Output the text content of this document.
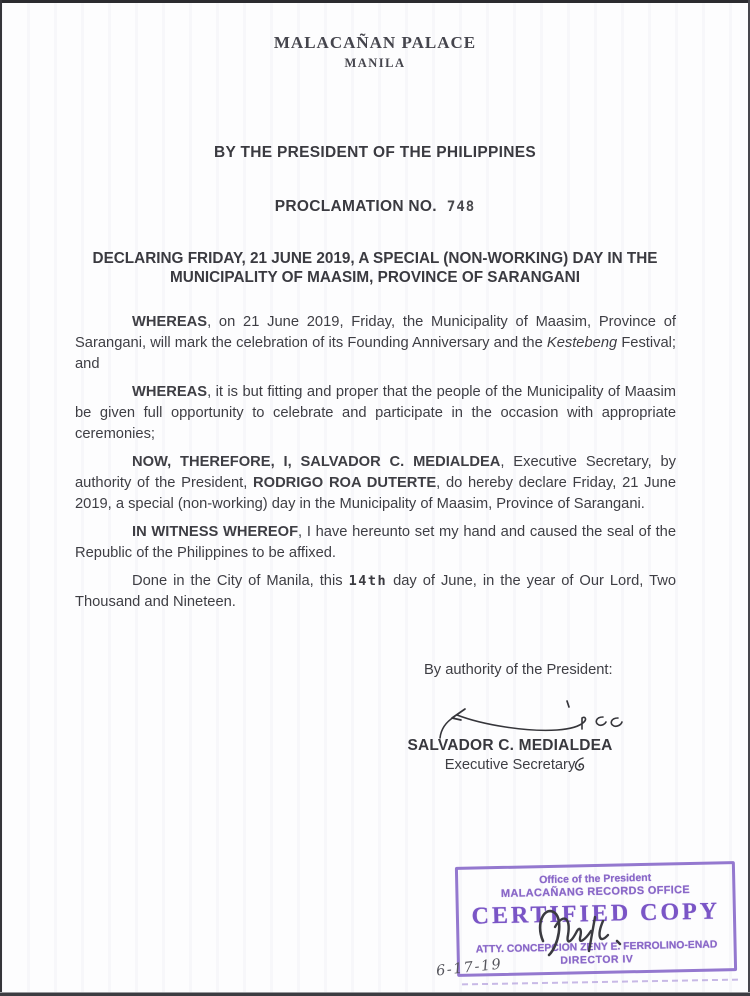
MALACAÑAN PALACE
MANILA
BY THE PRESIDENT OF THE PHILIPPINES
PROCLAMATION NO. 748
DECLARING FRIDAY, 21 JUNE 2019, A SPECIAL (NON-WORKING) DAY IN THE
MUNICIPALITY OF MAASIM, PROVINCE OF SARANGANI
WHEREAS, on 21 June 2019, Friday, the Municipality of Maasim, Province of Sarangani, will mark the celebration of its Founding Anniversary and the Kestebeng Festival; and
WHEREAS, it is but fitting and proper that the people of the Municipality of Maasim be given full opportunity to celebrate and participate in the occasion with appropriate ceremonies;
NOW, THEREFORE, I, SALVADOR C. MEDIALDEA, Executive Secretary, by authority of the President, RODRIGO ROA DUTERTE, do hereby declare Friday, 21 June 2019, a special (non-working) day in the Municipality of Maasim, Province of Sarangani.
IN WITNESS WHEREOF, I have hereunto set my hand and caused the seal of the Republic of the Philippines to be affixed.
Done in the City of Manila, this 14th day of June, in the year of Our Lord, Two Thousand and Nineteen.
By authority of the President:
SALVADOR C. MEDIALDEA
Executive Secretary
Office of the President
MALACAÑANG RECORDS OFFICE
CERTIFIED COPY
ATTY. CONCEPCION ZENY E. FERROLINO-ENAD
DIRECTOR IV
6-17-19
